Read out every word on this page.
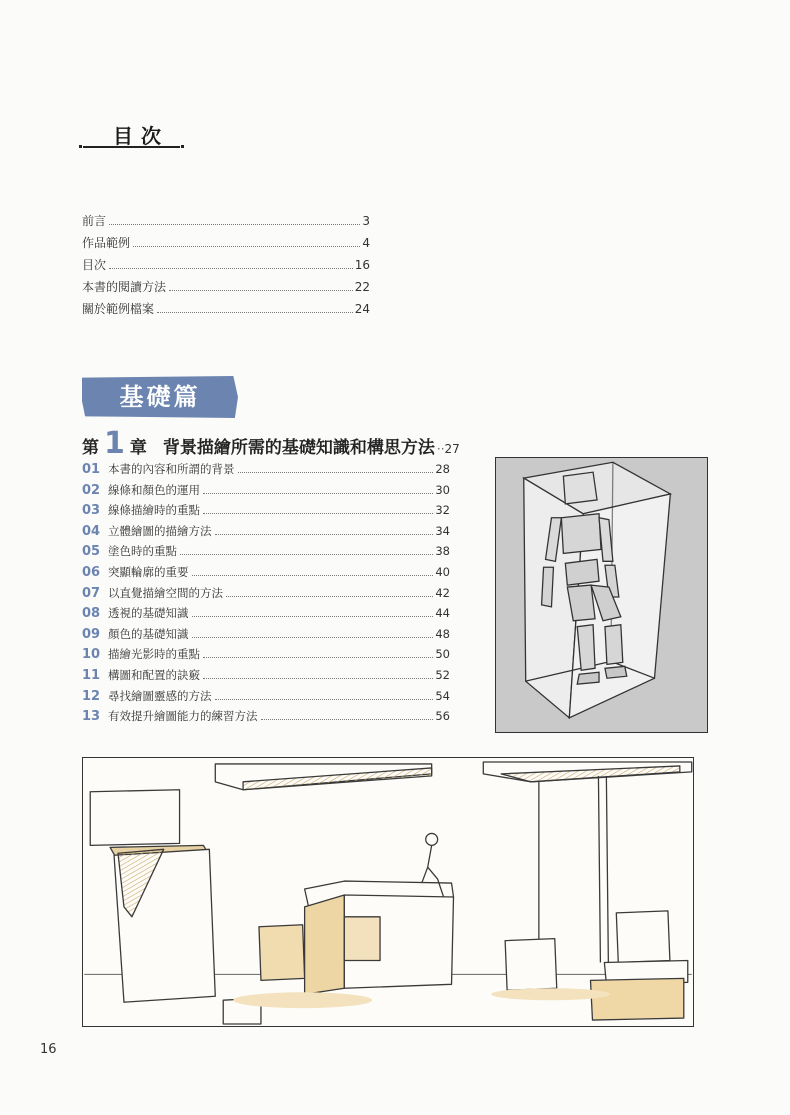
目次
前言	3
作品範例	4
目次	16
本書的閱讀方法	22
關於範例檔案	24
基礎篇
第 1 章 背景描繪所需的基礎知識和構思方法 ·· 27
01 本書的內容和所謂的背景	28
02 線條和顏色的運用	30
03 線條描繪時的重點	32
04 立體繪圖的描繪方法	34
05 塗色時的重點	38
06 突顯輪廓的重要	40
07 以直覺描繪空間的方法	42
08 透視的基礎知識	44
09 顏色的基礎知識	48
10 描繪光影時的重點	50
11 構圖和配置的訣竅	52
12 尋找繪圖靈感的方法	54
13 有效提升繪圖能力的練習方法	56
16
